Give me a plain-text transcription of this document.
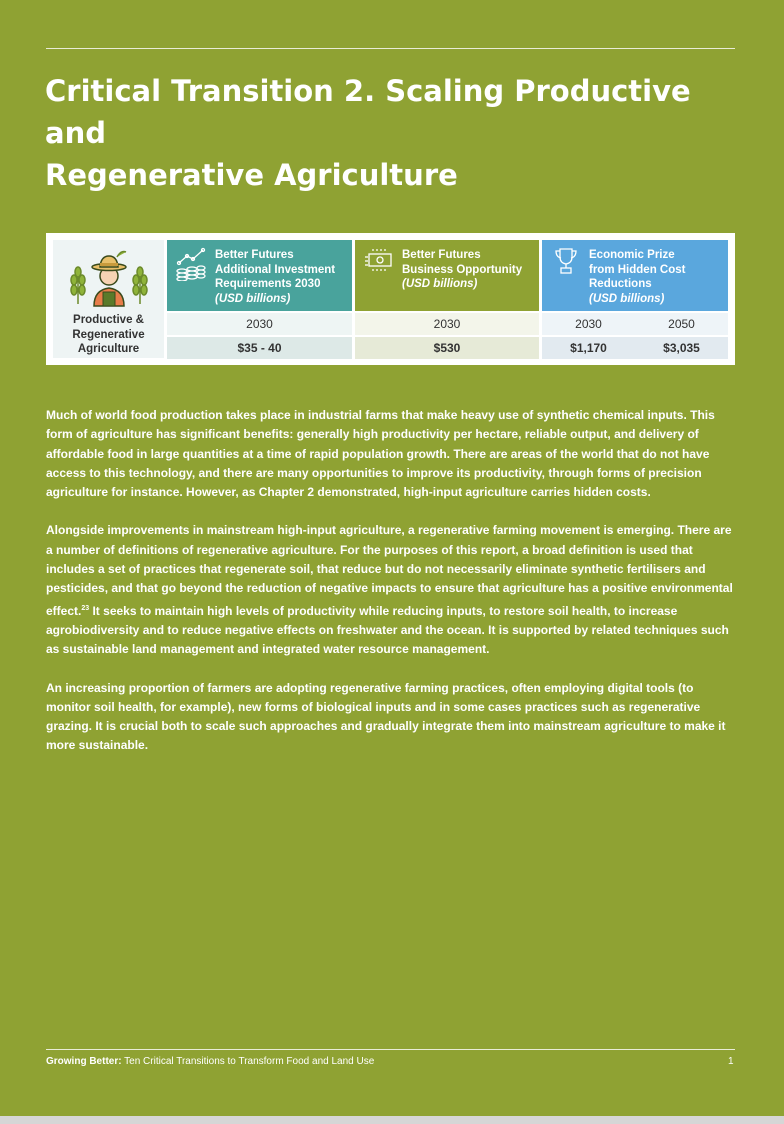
Critical Transition 2. Scaling Productive and
Regenerative Agriculture
Productive &
Regenerative
Agriculture
Better Futures
Additional Investment
Requirements 2030
(USD billions)
Better Futures
Business Opportunity
(USD billions)
Economic Prize
from Hidden Cost
Reductions
(USD billions)
2030	2030	2030	2050
$35 - 40	$530	$1,170	$3,035

Much of world food production takes place in industrial farms that make heavy use of synthetic chemical inputs. This form of agriculture has significant benefits: generally high productivity per hectare, reliable output, and delivery of affordable food in large quantities at a time of rapid population growth. There are areas of the world that do not have access to this technology, and there are many opportunities to improve its productivity, through forms of precision agriculture for instance. However, as Chapter 2 demonstrated, high-input agriculture carries hidden costs.

Alongside improvements in mainstream high-input agriculture, a regenerative farming movement is emerging. There are a number of definitions of regenerative agriculture. For the purposes of this report, a broad definition is used that includes a set of practices that regenerate soil, that reduce but do not necessarily eliminate synthetic fertilisers and pesticides, and that go beyond the reduction of negative impacts to ensure that agriculture has a positive environmental effect.$^{23}$ It seeks to maintain high levels of productivity while reducing inputs, to restore soil health, to increase agrobiodiversity and to reduce negative effects on freshwater and the ocean. It is supported by related techniques such as sustainable land management and integrated water resource management.

An increasing proportion of farmers are adopting regenerative farming practices, often employing digital tools (to monitor soil health, for example), new forms of biological inputs and in some cases practices such as regenerative grazing. It is crucial both to scale such approaches and gradually integrate them into mainstream agriculture to make it more sustainable.

Growing Better: Ten Critical Transitions to Transform Food and Land Use	1
